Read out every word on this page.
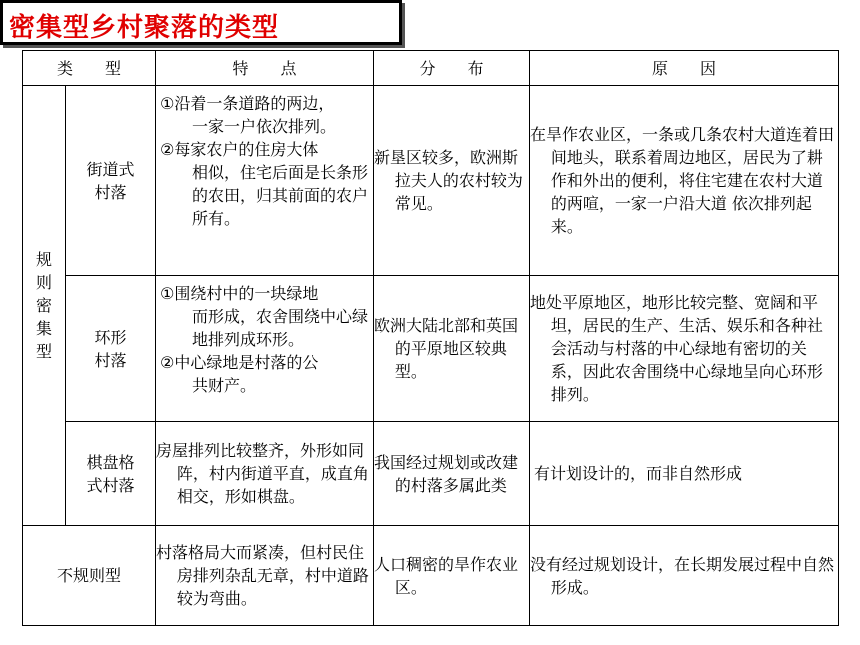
密集型乡村聚落的类型
类　　型		特　　点	分　　布	原　　因

规则密集型	街道式村落	①沿着一条道路的两边，
一家一户依次排列。
②每家农户的住房大体
相似，住宅后面是长条形的农田，归其前面的农户所有。	新垦区较多，欧洲斯拉夫人的农村较为常见。	在旱作农业区，一条或几条农村大道连着田间地头，联系着周边地区，居民为了耕作和外出的便利，将住宅建在农村大道的两喧，一家一户沿大道 依次排列起来。

	环形村落	①围绕村中的一块绿地
而形成，农舍围绕中心绿地排列成环形。
②中心绿地是村落的公
共财产。	欧洲大陆北部和英国的平原地区较典型。	地处平原地区，地形比较完整、宽阔和平坦，居民的生产、生活、娱乐和各种社会活动与村落的中心绿地有密切的关系，因此农舍围绕中心绿地呈向心环形排列。

	棋盘格式村落	房屋排列比较整齐，外形如同阵，村内街道平直，成直角相交，形如棋盘。	我国经过规划或改建的村落多属此类	有计划设计的，而非自然形成
不规则型		村落格局大而紧凑，但村民住房排列杂乱无章，村中道路较为弯曲。	人口稠密的旱作农业区。	没有经过规划设计，在长期发展过程中自然形成。
